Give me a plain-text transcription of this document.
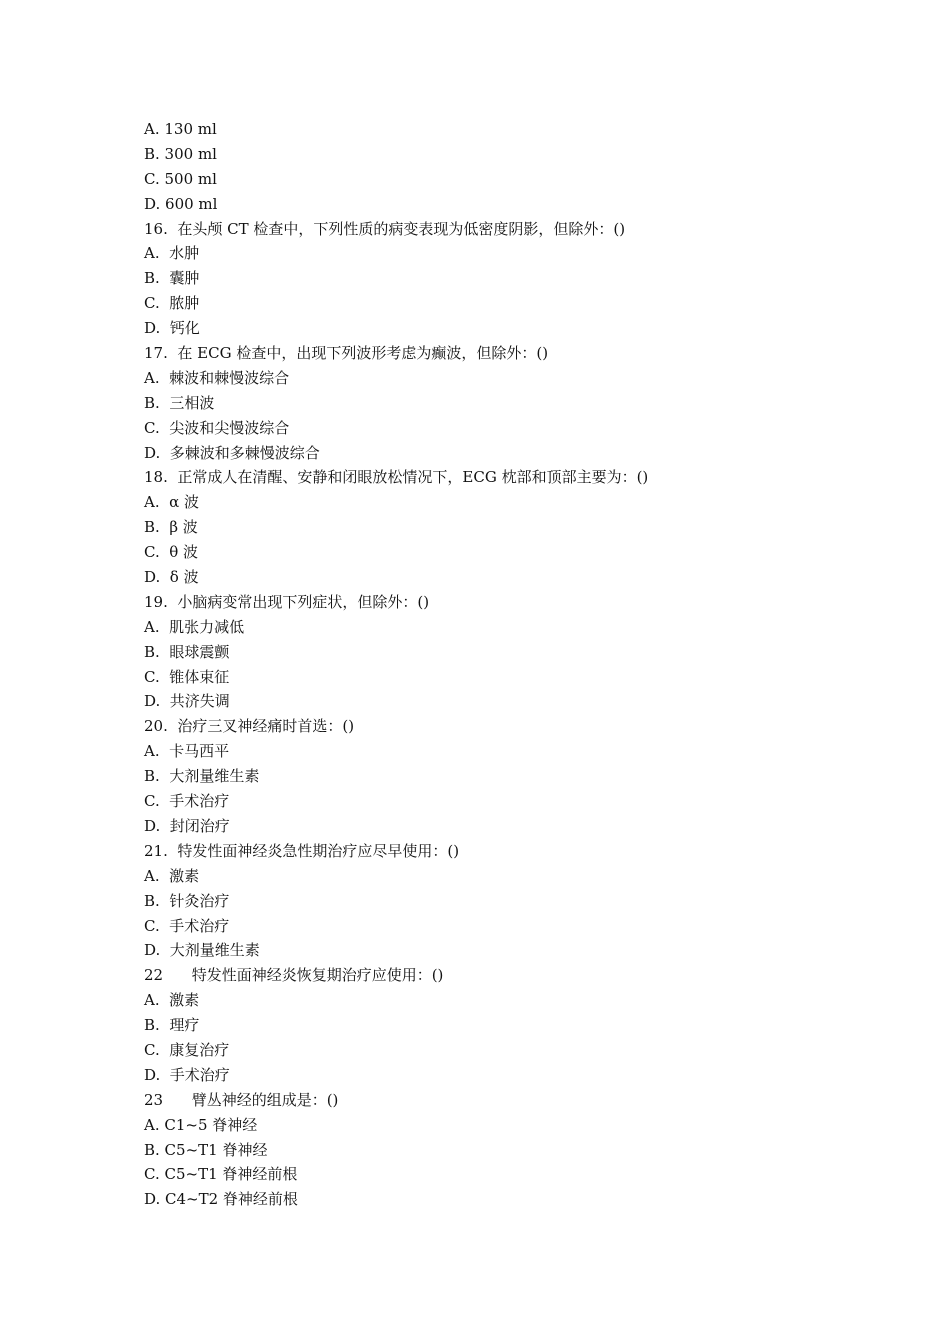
A. 130 ml
B. 300 ml
C. 500 ml
D. 600 ml
16.  在头颅 CT 检查中，下列性质的病变表现为低密度阴影，但除外：()
A.  水肿
B.  囊肿
C.  脓肿
D.  钙化
17.  在 ECG 检查中，出现下列波形考虑为癫波，但除外：()
A.  棘波和棘慢波综合
B.  三相波
C.  尖波和尖慢波综合
D.  多棘波和多棘慢波综合
18.  正常成人在清醒、安静和闭眼放松情况下，ECG 枕部和顶部主要为：()
A.  α 波
B.  β 波
C.  θ 波
D.  δ 波
19.  小脑病变常出现下列症状，但除外：()
A.  肌张力减低
B.  眼球震颤
C.  锥体束征
D.  共济失调
20.  治疗三叉神经痛时首选：()
A.  卡马西平
B.  大剂量维生素
C.  手术治疗
D.  封闭治疗
21.  特发性面神经炎急性期治疗应尽早使用：()
A.  激素
B.  针灸治疗
C.  手术治疗
D.  大剂量维生素
22      特发性面神经炎恢复期治疗应使用：()
A.  激素
B.  理疗
C.  康复治疗
D.  手术治疗
23      臂丛神经的组成是：()
A. C1~5 脊神经
B. C5~T1 脊神经
C. C5~T1 脊神经前根
D. C4~T2 脊神经前根
